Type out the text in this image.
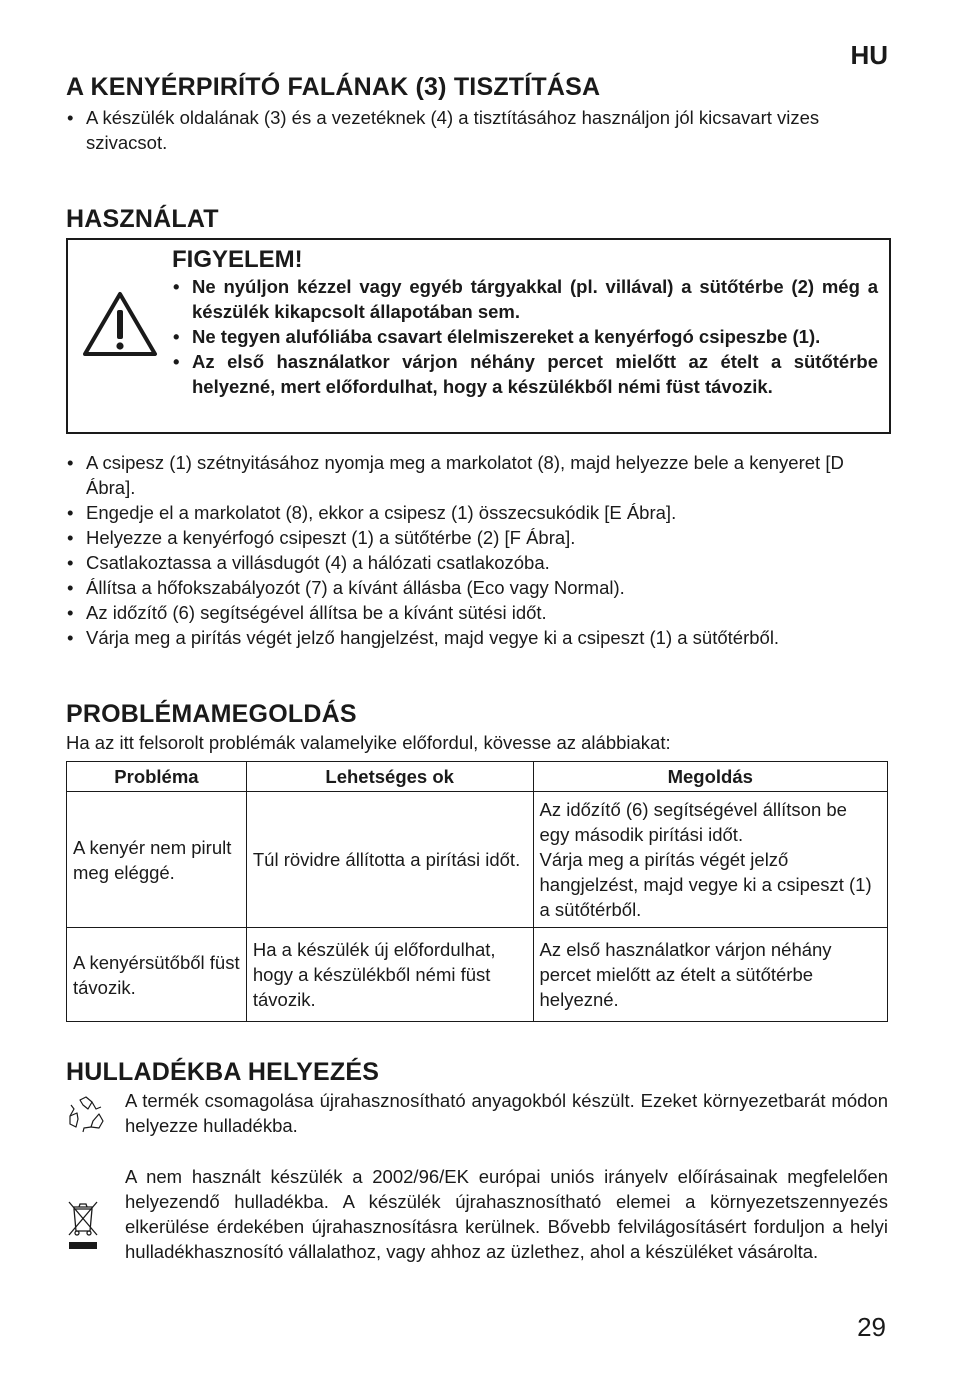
HU
A KENYÉRPIRÍTÓ FALÁNAK (3) TISZTÍTÁSA
• A készülék oldalának (3) és a vezetéknek (4) a tisztításához használjon jól kicsavart vizes szivacsot.
HASZNÁLAT
FIGYELEM!
• Ne nyúljon kézzel vagy egyéb tárgyakkal (pl. villával) a sütőtérbe (2) még a készülék kikapcsolt állapotában sem.
• Ne tegyen alufóliába csavart élelmiszereket a kenyérfogó csipeszbe (1).
• Az első használatkor várjon néhány percet mielőtt az ételt a sütőtérbe helyezné, mert előfordulhat, hogy a készülékből némi füst távozik.
• A csipesz (1) szétnyitásához nyomja meg a markolatot (8), majd helyezze bele a kenyeret [D Ábra].
• Engedje el a markolatot (8), ekkor a csipesz (1) összecsukódik [E Ábra].
• Helyezze a kenyérfogó csipeszt (1) a sütőtérbe (2) [F Ábra].
• Csatlakoztassa a villásdugót (4) a hálózati csatlakozóba.
• Állítsa a hőfokszabályozót (7) a kívánt állásba (Eco vagy Normal).
• Az időzítő (6) segítségével állítsa be a kívánt sütési időt.
• Várja meg a pirítás végét jelző hangjelzést, majd vegye ki a csipeszt (1) a sütőtérből.
PROBLÉMAMEGOLDÁS
Ha az itt felsorolt problémák valamelyike előfordul, kövesse az alábbiakat:
Probléma	Lehetséges ok	Megoldás
A kenyér nem pirult meg eléggé.	Túl rövidre állította a pirítási időt.	Az időzítő (6) segítségével állítson be egy második pirítási időt.
Várja meg a pirítás végét jelző hangjelzést, majd vegye ki a csipeszt (1) a sütőtérből.

A kenyérsütőből füst távozik.	Ha a készülék új előfordulhat, hogy a készülékből némi füst távozik.	Az első használatkor várjon néhány percet mielőtt az ételt a sütőtérbe helyezné.
HULLADÉKBA HELYEZÉS
A termék csomagolása újrahasznosítható anyagokból készült. Ezeket környezetbarát módon helyezze hulladékba.
A nem használt készülék a 2002/96/EK európai uniós irányelv előírásainak megfelelően helyezendő hulladékba. A készülék újrahasznosítható elemei a környezetszennyezés elkerülése érdekében újrahasznosításra kerülnek. Bővebb felvilágosításért forduljon a helyi hulladékhasznosító vállalathoz, vagy ahhoz az üzlethez, ahol a készüléket vásárolta.
29
